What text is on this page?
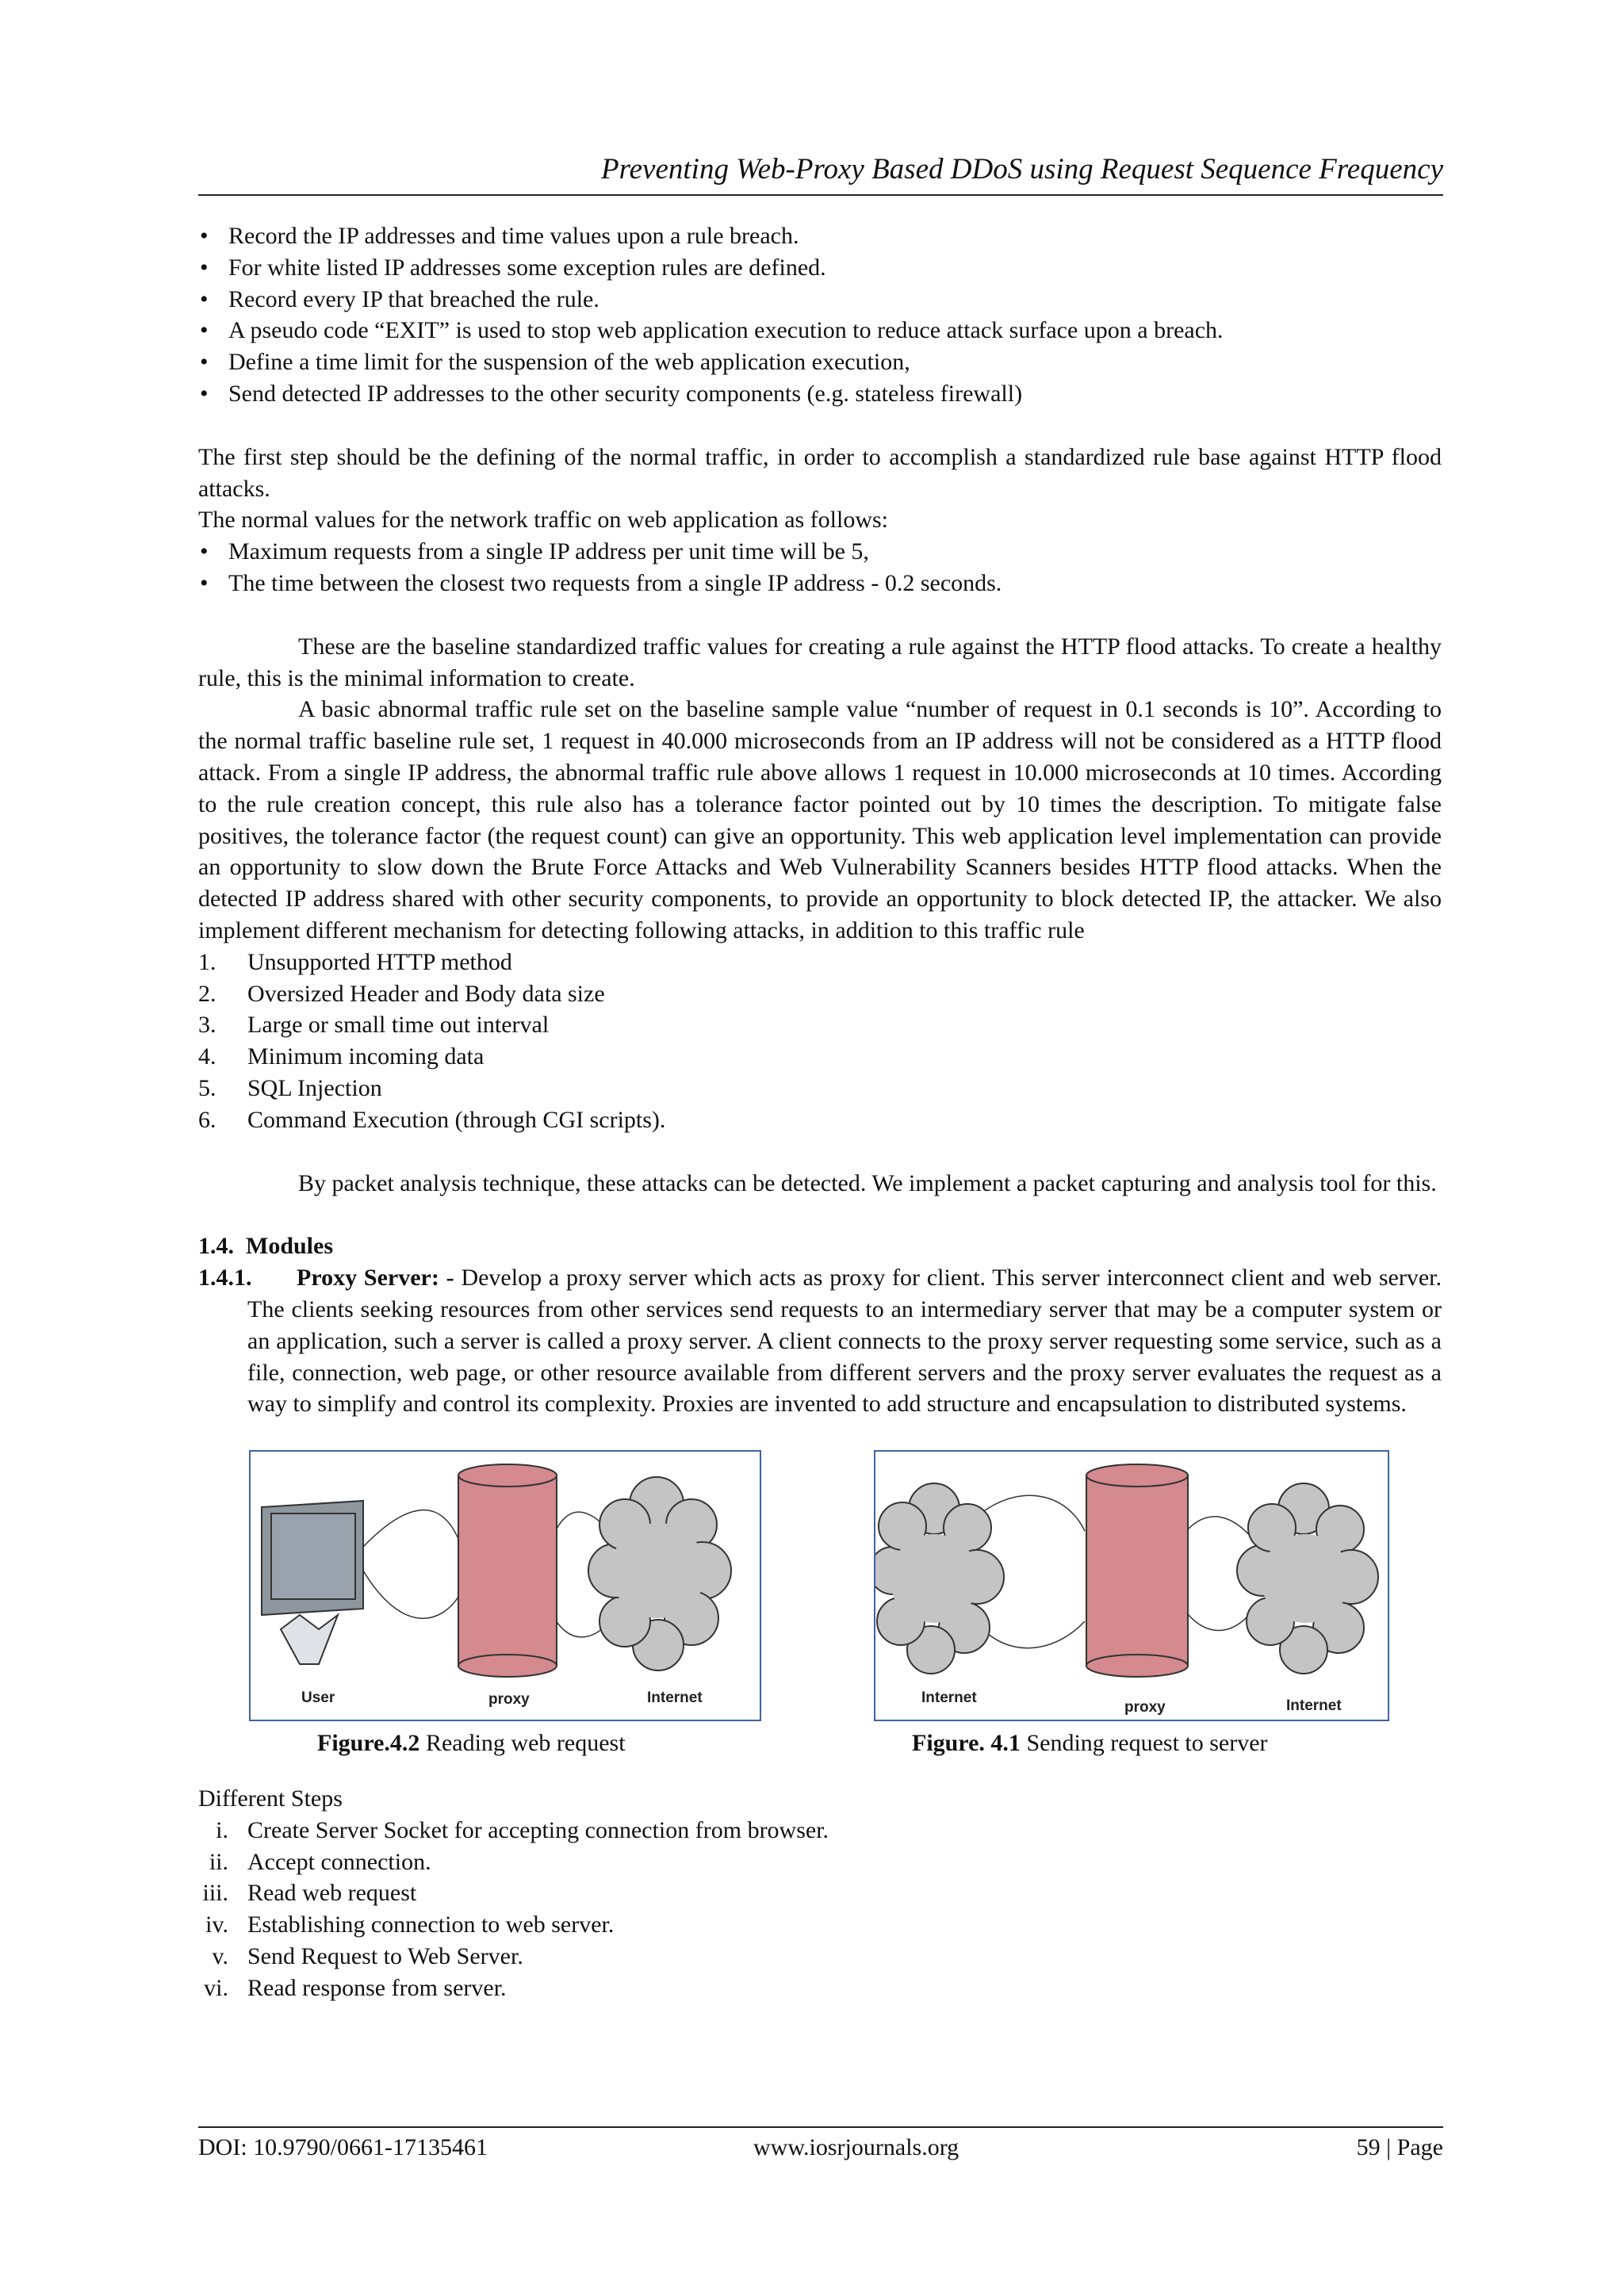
Preventing Web-Proxy Based DDoS using Request Sequence Frequency
• Record the IP addresses and time values upon a rule breach.
• For white listed IP addresses some exception rules are defined.
• Record every IP that breached the rule.
• A pseudo code “EXIT” is used to stop web application execution to reduce attack surface upon a breach.
• Define a time limit for the suspension of the web application execution,
• Send detected IP addresses to the other security components (e.g. stateless firewall)

The first step should be the defining of the normal traffic, in order to accomplish a standardized rule base against HTTP flood attacks.

The normal values for the network traffic on web application as follows:

• Maximum requests from a single IP address per unit time will be 5,
• The time between the closest two requests from a single IP address - 0.2 seconds.

These are the baseline standardized traffic values for creating a rule against the HTTP flood attacks. To create a healthy rule, this is the minimal information to create.

A basic abnormal traffic rule set on the baseline sample value “number of request in 0.1 seconds is 10”. According to the normal traffic baseline rule set, 1 request in 40.000 microseconds from an IP address will not be considered as a HTTP flood attack. From a single IP address, the abnormal traffic rule above allows 1 request in 10.000 microseconds at 10 times. According to the rule creation concept, this rule also has a tolerance factor pointed out by 10 times the description. To mitigate false positives, the tolerance factor (the request count) can give an opportunity. This web application level implementation can provide an opportunity to slow down the Brute Force Attacks and Web Vulnerability Scanners besides HTTP flood attacks. When the detected IP address shared with other security components, to provide an opportunity to block detected IP, the attacker. We also implement different mechanism for detecting following attacks, in addition to this traffic rule

1.	Unsupported HTTP method
2.	Oversized Header and Body data size
3.	Large or small time out interval
4.	Minimum incoming data
5.	SQL Injection
6.	Command Execution (through CGI scripts).

By packet analysis technique, these attacks can be detected. We implement a packet capturing and analysis tool for this.

1.4. Modules

1.4.1. Proxy Server: - Develop a proxy server which acts as proxy for client. This server interconnect client and web server. The clients seeking resources from other services send requests to an intermediary server that may be a computer system or an application, such a server is called a proxy server. A client connects to the proxy server requesting some service, such as a file, connection, web page, or other resource available from different servers and the proxy server evaluates the request as a way to simplify and control its complexity. Proxies are invented to add structure and encapsulation to distributed systems.
User	proxy	Internet	Internet
proxy	Internet
Figure.4.2 Reading web request	Figure. 4.1 Sending request to server

Different Steps

i. Create Server Socket for accepting connection from browser.
ii. Accept connection.
iii. Read web request
iv. Establishing connection to web server.
v. Send Request to Web Server.
vi. Read response from server.
DOI: 10.9790/0661-17135461	www.iosrjournals.org	59 | Page
